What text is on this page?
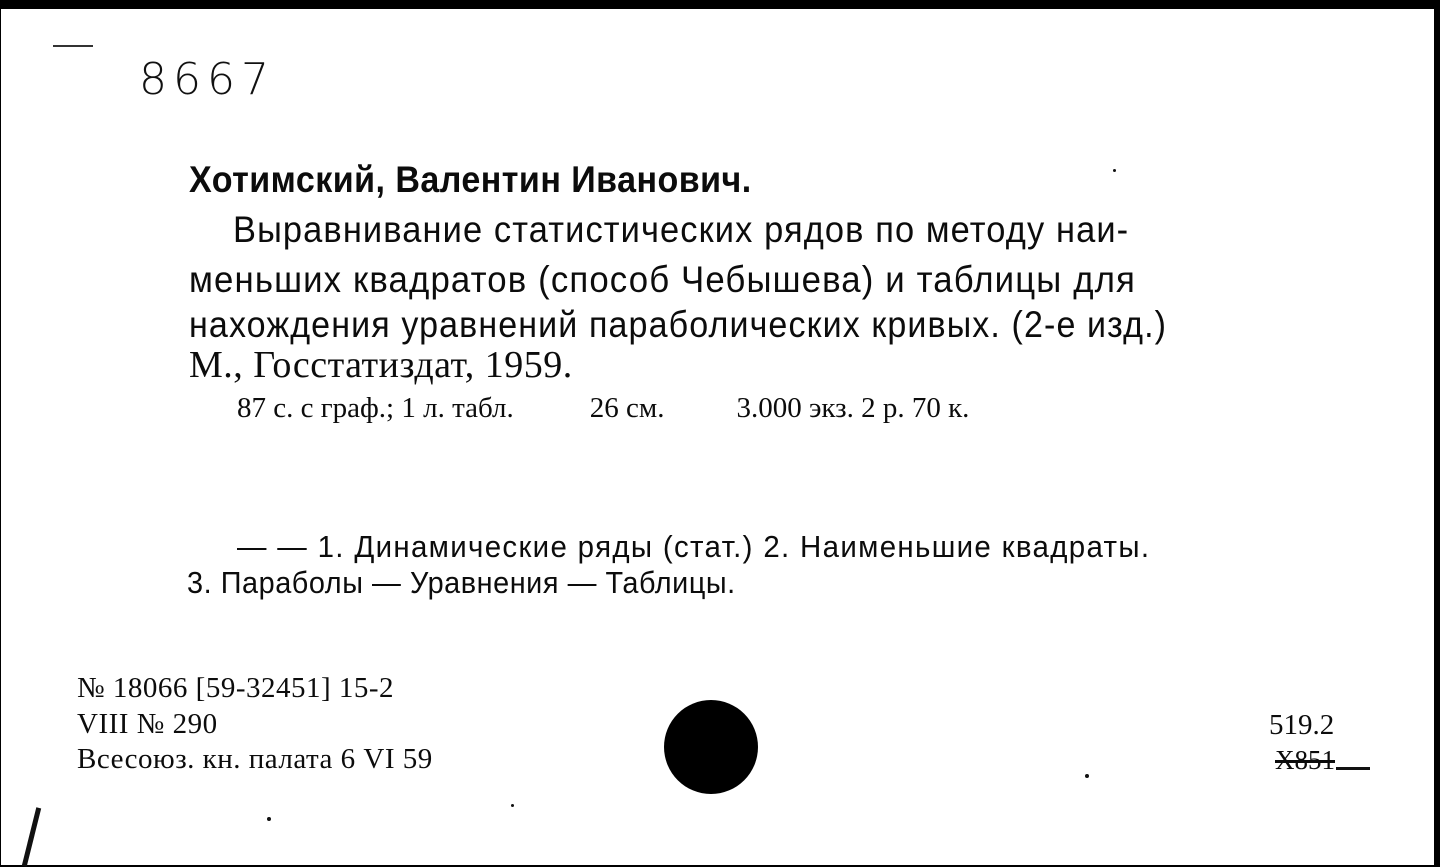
8667
Хотимский, Валентин Иванович.
Выравнивание статистических рядов по методу наи-
меньших квадратов (способ Чебышева) и таблицы для
нахождения уравнений параболических кривых. (2-е изд.)
М., Госстатиздат, 1959.
87 с. с граф.; 1 л. табл.	26 см. 3.000 экз. 2 р. 70 к.
— — 1. Динамические ряды (стат.) 2. Наименьшие квадраты.
3. Параболы — Уравнения — Таблицы.
№ 18066 [59-32451] 15-2
VIII № 290
Всесоюз. кн. палата 6 VI 59
519.2
Х851
